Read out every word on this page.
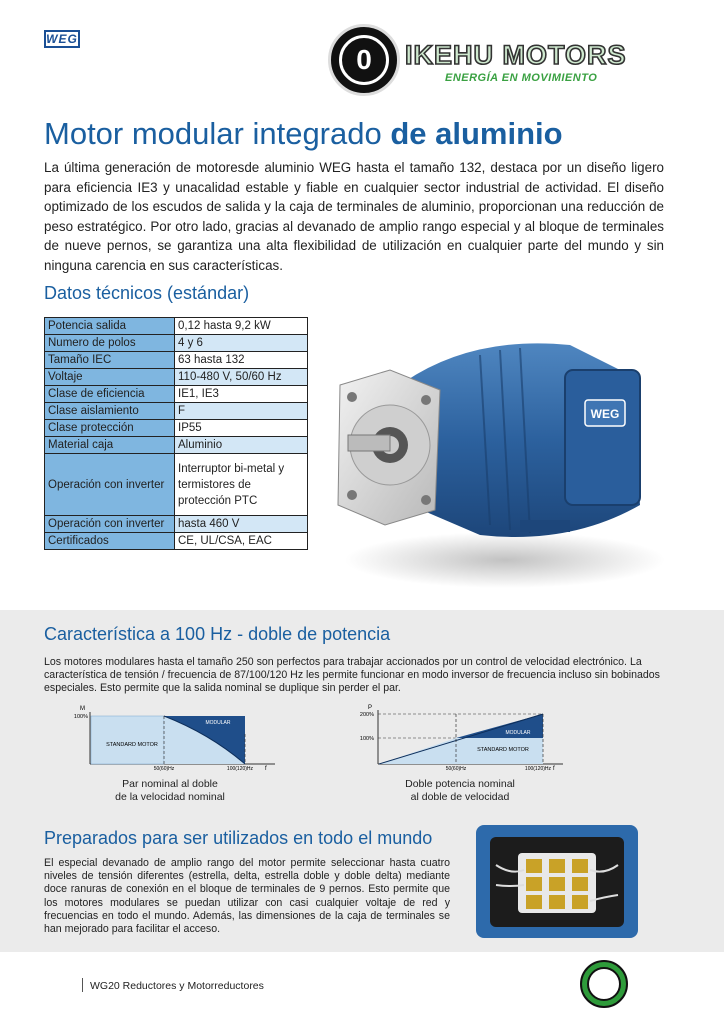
WEG
0	IKEHU MOTORS
ENERGÍA EN MOVIMIENTO
Motor modular integrado de aluminio
La última generación de motoresde aluminio WEG hasta el tamaño 132, destaca por un diseño ligero para eficiencia IE3 y unacalidad estable y fiable en cualquier sector industrial de actividad. El diseño optimizado de los escudos de salida y la caja de terminales de aluminio, proporcionan una reducción de peso estratégico. Por otro lado, gracias al devanado de amplio rango especial y al bloque de terminales de nueve pernos, se garantiza una alta flexibilidad de utilización en cualquier parte del mundo y sin ninguna carencia en sus características.
Datos técnicos (estándar)
Potencia salida	0,12 hasta 9,2 kW
Numero de polos	4 y 6
Tamaño IEC	63 hasta 132
Voltaje	110-480 V, 50/60 Hz
Clase de eficiencia	IE1, IE3
Clase aislamiento	F
Clase protección	IP55
Material caja	Aluminio
Operación con inverter	Interruptor bi-metal y termistores de protección PTC
Operación con inverter	hasta 460 V
Certificados	CE, UL/CSA, EAC
WEG
Característica a 100 Hz - doble de potencia
Los motores modulares hasta el tamaño 250 son perfectos para trabajar accionados por un control de velocidad electrónico. La característica de tensión / frecuencia de 87/100/120 Hz les permite funcionar en modo inversor de frecuencia incluso sin bobinados especiales. Esto permite que la salida nominal se duplique sin perder el par.
M
f
100%
STANDARD MOTOR
MODULAR
50(60)Hz	100(120)Hz
Par nominal al doble
de la velocidad nominal
P
f
200%
100%
STANDARD MOTOR
MODULAR
50(60)Hz	100(120)Hz
Doble potencia nominal
al doble de velocidad
Preparados para ser utilizados en todo el mundo
El especial devanado de amplio rango del motor permite seleccionar hasta cuatro niveles de tensión diferentes (estrella, delta, estrella doble y doble delta) mediante doce ranuras de conexión en el bloque de terminales de 9 pernos. Esto permite que los motores modulares se puedan utilizar con casi cualquier voltaje de red y frecuencias en todo el mundo. Además, las dimensiones de la caja de terminales se han mejorado para facilitar el acceso.
WG20 Reductores y Motorreductores
